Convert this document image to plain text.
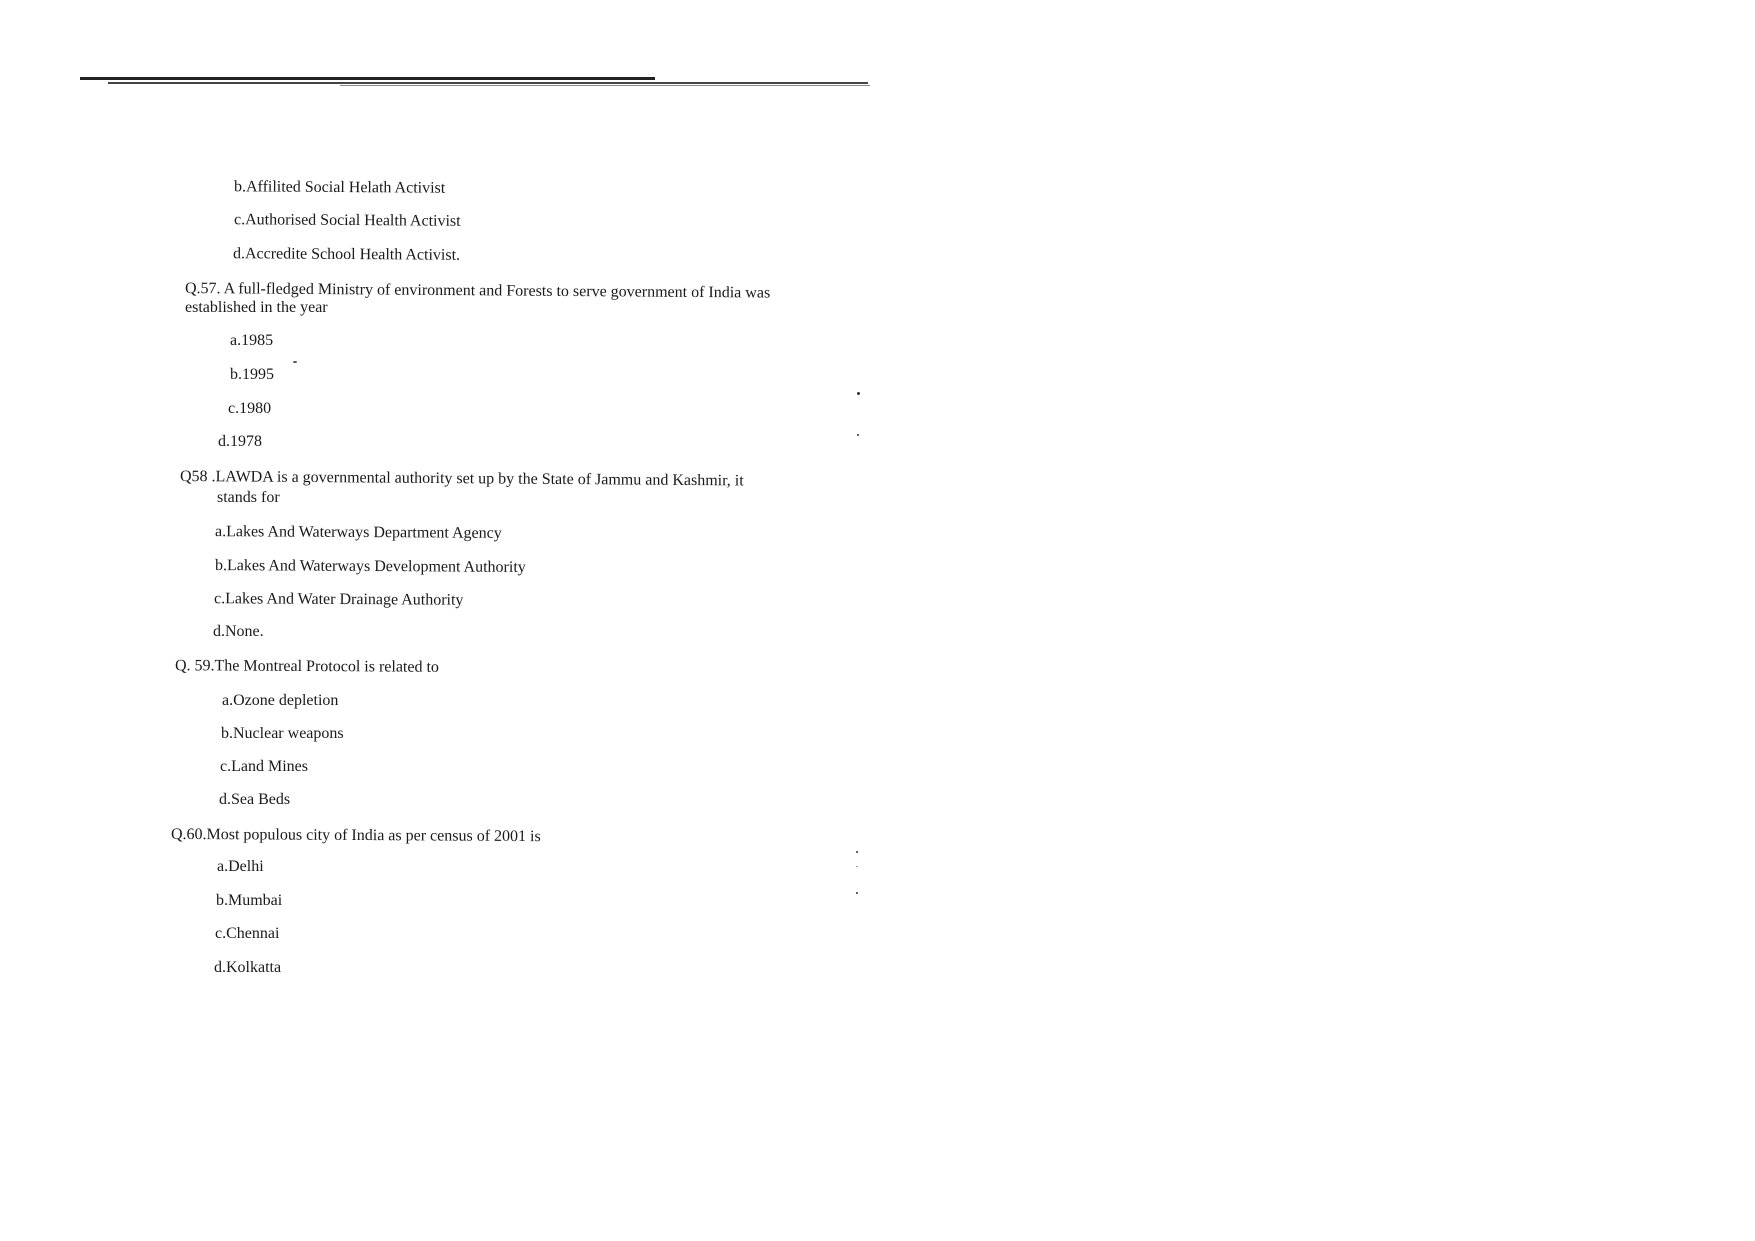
b.Affilited Social Helath Activist
c.Authorised Social Health Activist
d.Accredite School Health Activist.
Q.57. A full-fledged Ministry of environment and Forests to serve government of India was
established in the year
a.1985
b.1995
c.1980
d.1978
Q58 .LAWDA is a governmental authority set up by the State of Jammu and Kashmir, it
stands for
a.Lakes And Waterways Department Agency
b.Lakes And Waterways Development Authority
c.Lakes And Water Drainage Authority
d.None.
Q. 59.The Montreal Protocol is related to
a.Ozone depletion
b.Nuclear weapons
c.Land Mines
d.Sea Beds
Q.60.Most populous city of India as per census of 2001 is
a.Delhi
b.Mumbai
c.Chennai
d.Kolkatta
